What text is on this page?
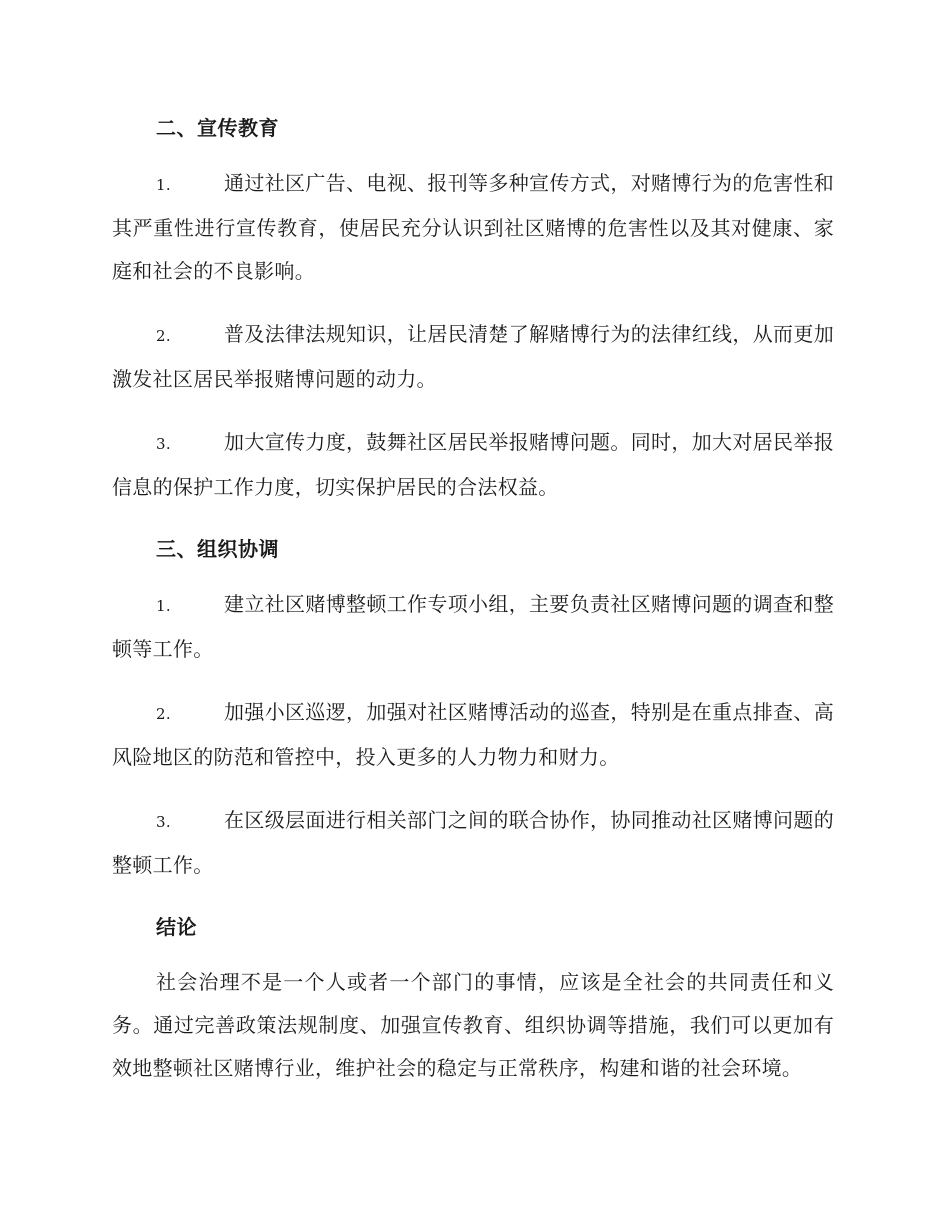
二、宣传教育

1.	通过社区广告、电视、报刊等多种宣传方式，对赌博行为的危害性和其严重性进行宣传教育，使居民充分认识到社区赌博的危害性以及其对健康、家庭和社会的不良影响。

2.	普及法律法规知识，让居民清楚了解赌博行为的法律红线，从而更加激发社区居民举报赌博问题的动力。

3.	加大宣传力度，鼓舞社区居民举报赌博问题。同时，加大对居民举报信息的保护工作力度，切实保护居民的合法权益。

三、组织协调

1.	建立社区赌博整顿工作专项小组，主要负责社区赌博问题的调查和整顿等工作。

2.	加强小区巡逻，加强对社区赌博活动的巡查，特别是在重点排查、高风险地区的防范和管控中，投入更多的人力物力和财力。

3.	在区级层面进行相关部门之间的联合协作，协同推动社区赌博问题的整顿工作。

结论

社会治理不是一个人或者一个部门的事情，应该是全社会的共同责任和义务。通过完善政策法规制度、加强宣传教育、组织协调等措施，我们可以更加有效地整顿社区赌博行业，维护社会的稳定与正常秩序，构建和谐的社会环境。
